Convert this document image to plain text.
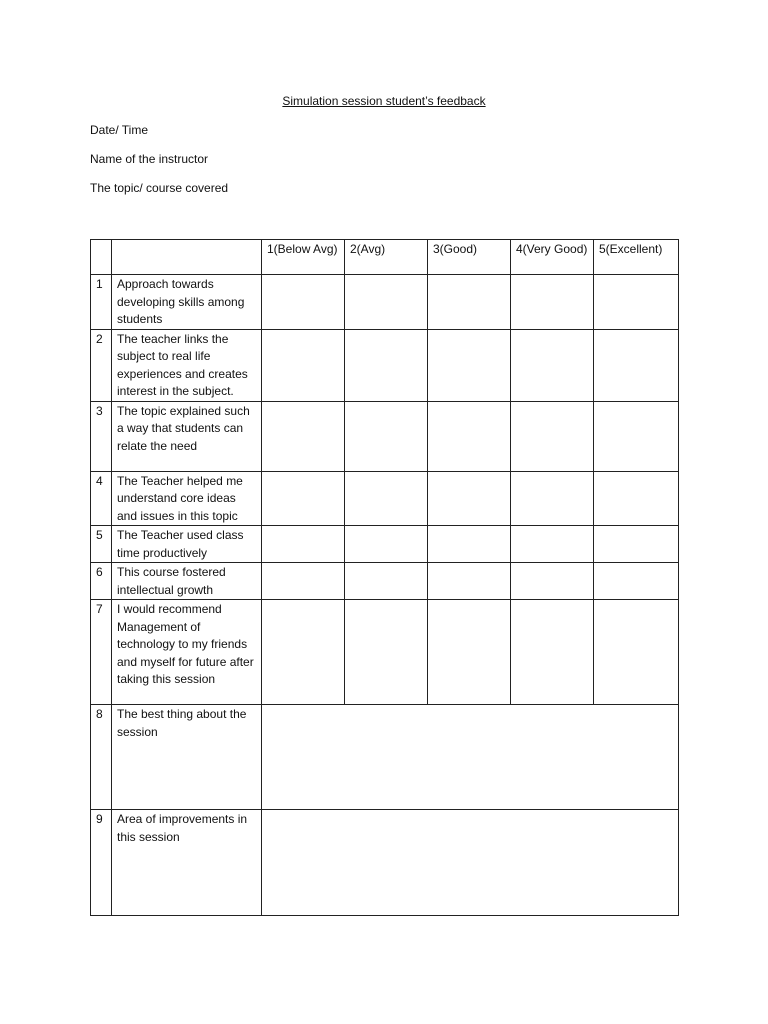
Simulation session student’s feedback
Date/ Time
Name of the instructor
The topic/ course covered
		1(Below Avg)	2(Avg)	3(Good)	4(Very Good)	5(Excellent)
1	Approach towards developing skills among students					
2	The teacher links the subject to real life experiences and creates interest in the subject.					
3	The topic explained such a way that students can relate the need					
4	The Teacher helped me understand core ideas and issues in this topic					
5	The Teacher used class time productively					
6	This course fostered intellectual growth					
7	I would recommend Management of technology to my friends and myself for future after taking this session					
8	The best thing about the session					
9	Area of improvements in this session					
